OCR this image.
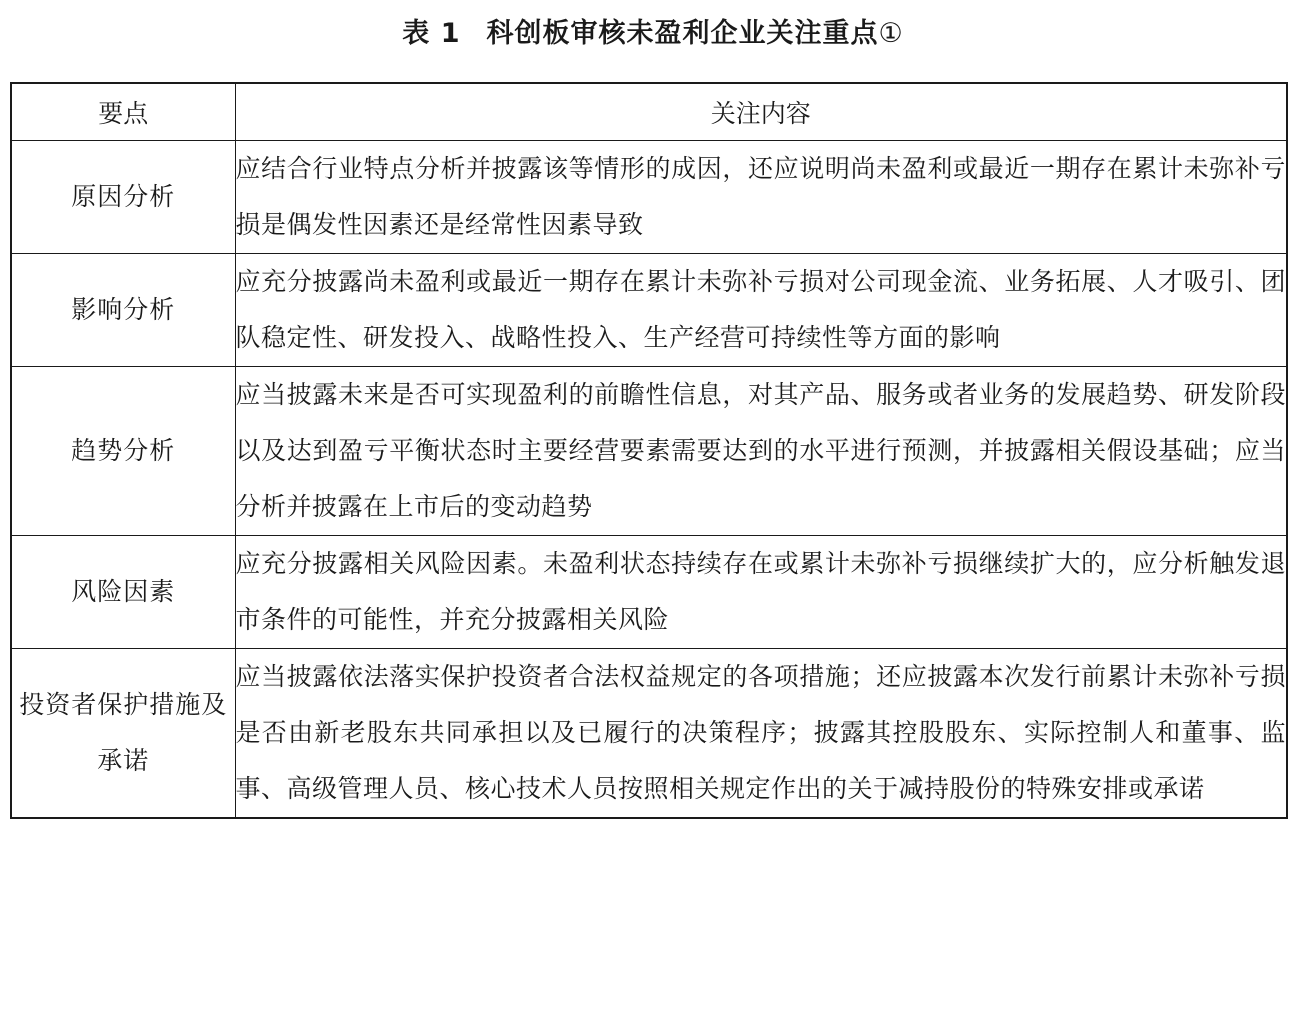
表 1 科创板审核未盈利企业关注重点①
要点	关注内容
原因分析	应结合行业特点分析并披露该等情形的成因，还应说明尚未盈利或最近一期存在累计未弥补亏损是偶发性因素还是经常性因素导致
影响分析	应充分披露尚未盈利或最近一期存在累计未弥补亏损对公司现金流、业务拓展、人才吸引、团队稳定性、研发投入、战略性投入、生产经营可持续性等方面的影响
趋势分析	应当披露未来是否可实现盈利的前瞻性信息，对其产品、服务或者业务的发展趋势、研发阶段以及达到盈亏平衡状态时主要经营要素需要达到的水平进行预测，并披露相关假设基础；应当分析并披露在上市后的变动趋势
风险因素	应充分披露相关风险因素。未盈利状态持续存在或累计未弥补亏损继续扩大的，应分析触发退市条件的可能性，并充分披露相关风险
投资者保护措施及承诺	应当披露依法落实保护投资者合法权益规定的各项措施；还应披露本次发行前累计未弥补亏损是否由新老股东共同承担以及已履行的决策程序；披露其控股股东、实际控制人和董事、监事、高级管理人员、核心技术人员按照相关规定作出的关于减持股份的特殊安排或承诺
